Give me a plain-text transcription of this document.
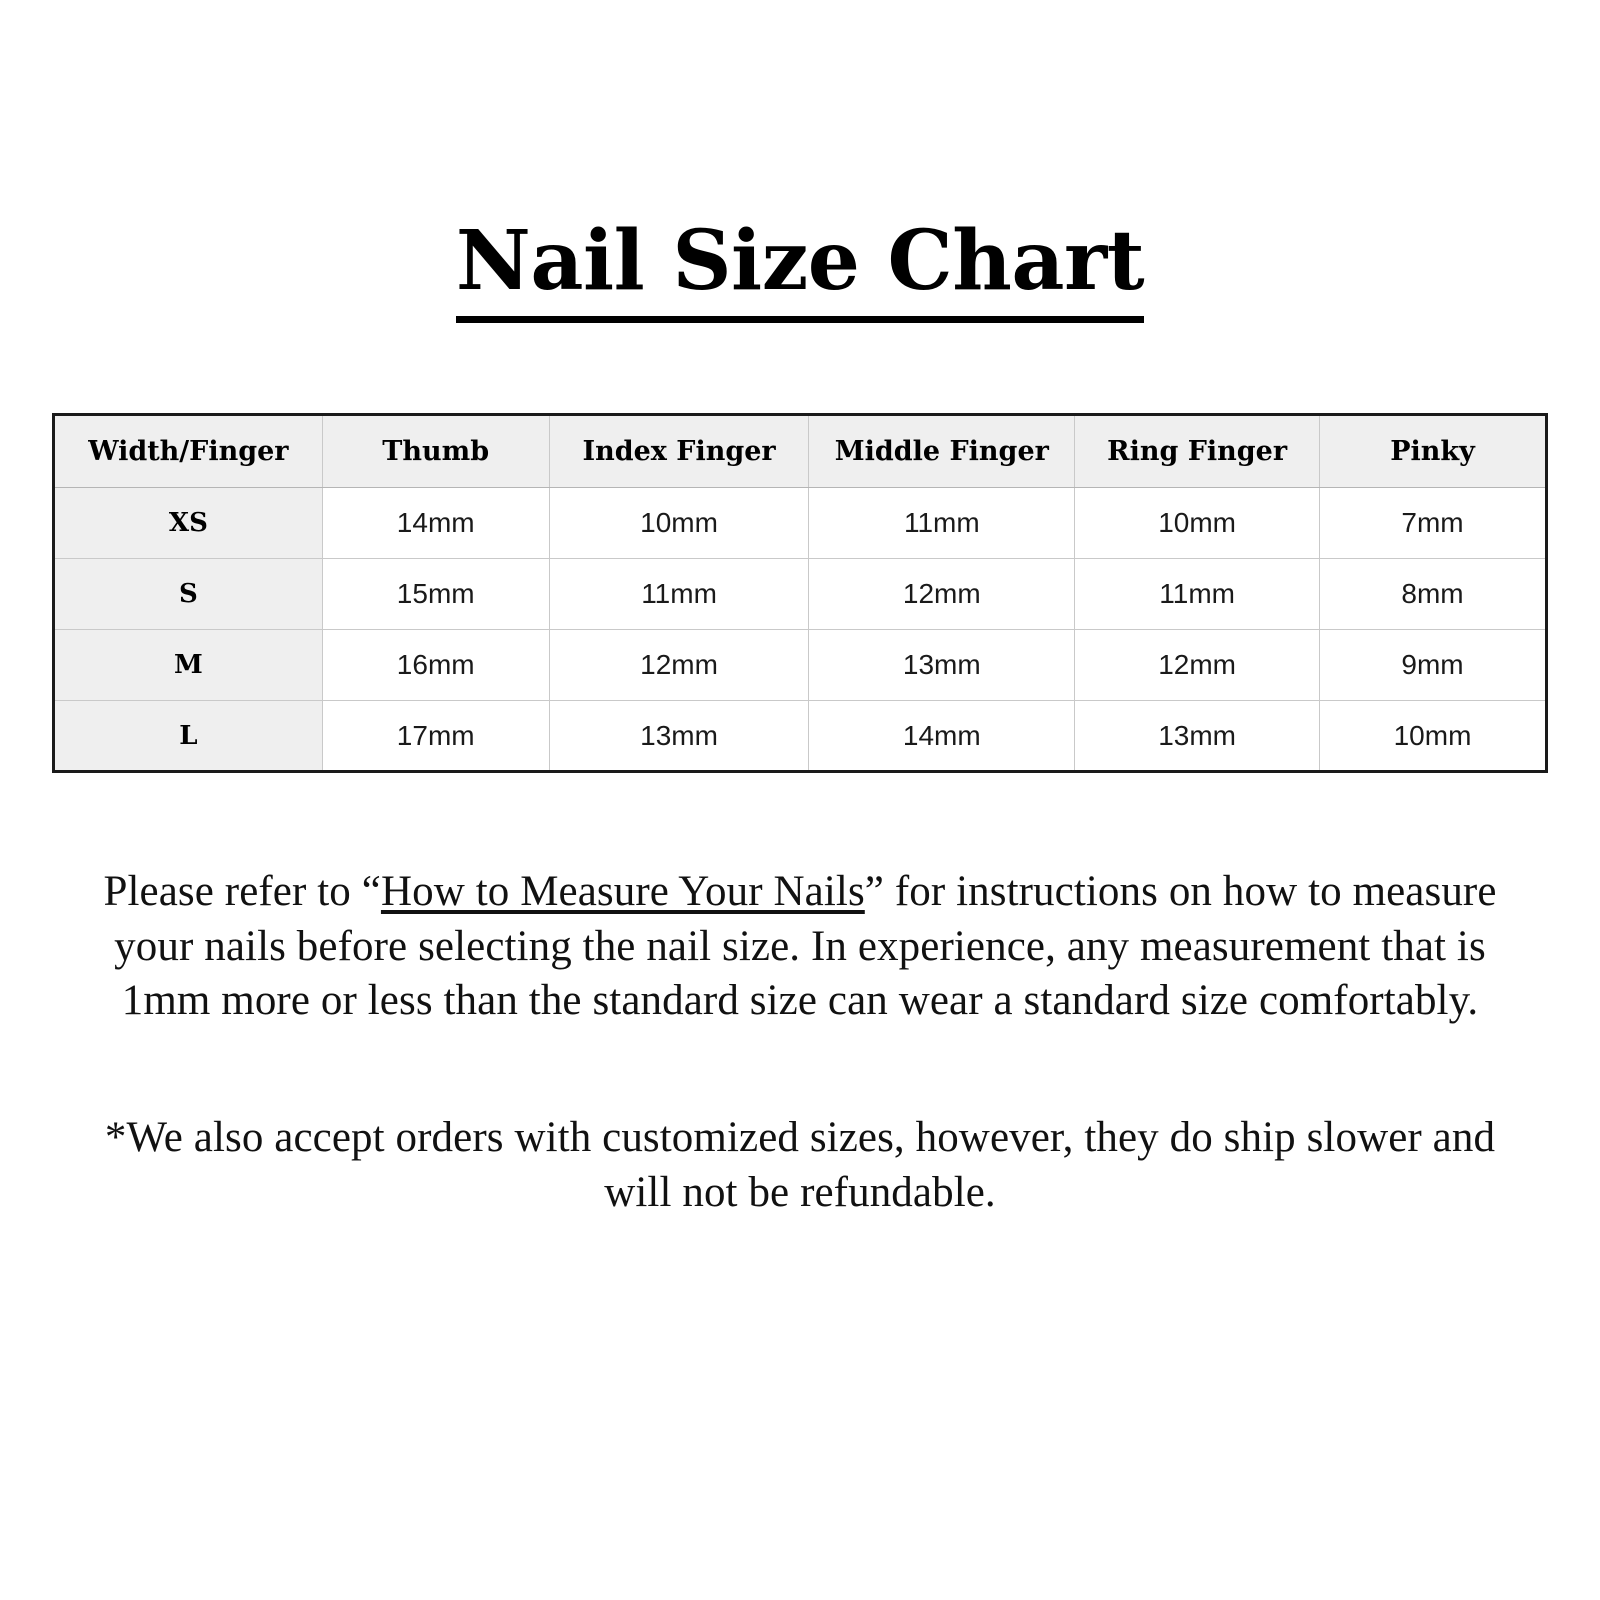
Nail Size Chart
Width/Finger	Thumb	Index Finger	Middle Finger	Ring Finger	Pinky
XS	14mm	10mm	11mm	10mm	7mm
S	15mm	11mm	12mm	11mm	8mm
M	16mm	12mm	13mm	12mm	9mm
L	17mm	13mm	14mm	13mm	10mm

Please refer to “How to Measure Your Nails” for instructions on how to measure your nails before selecting the nail size. In experience, any measurement that is 1mm more or less than the standard size can wear a standard size comfortably.

*We also accept orders with customized sizes, however, they do ship slower and will not be refundable.
